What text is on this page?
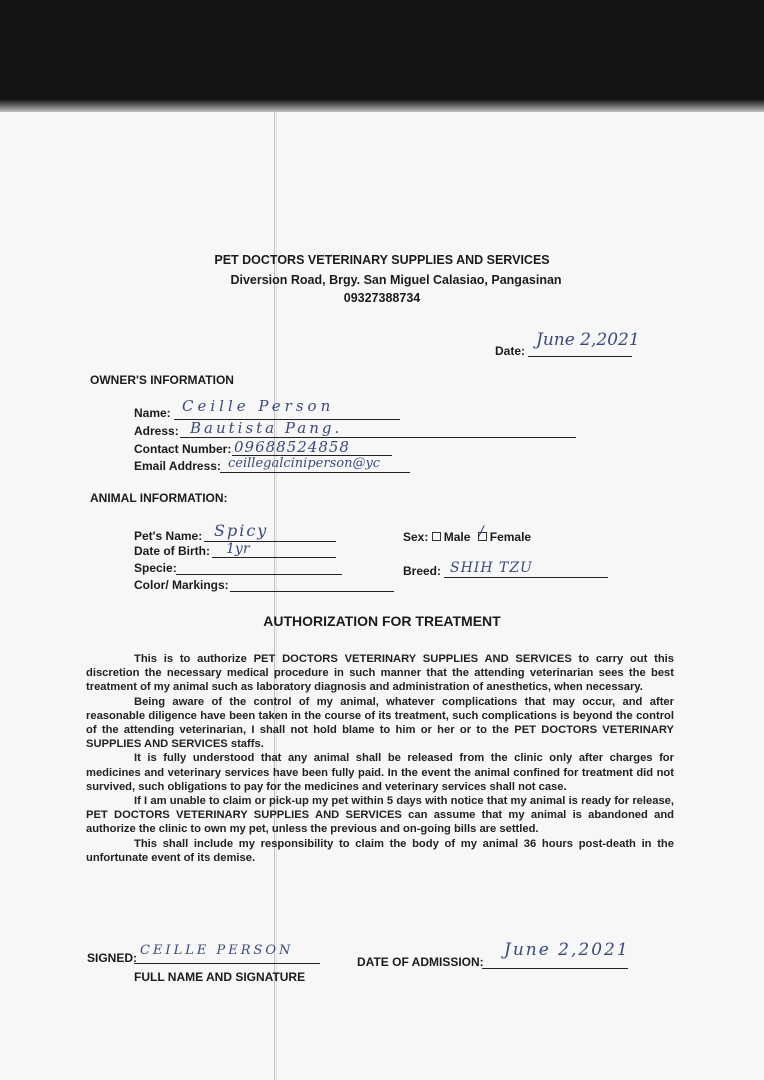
PET DOCTORS VETERINARY SUPPLIES AND SERVICES
Diversion Road, Brgy. San Miguel Calasiao, Pangasinan
09327388734
Date:
June 2,2021
OWNER'S INFORMATION
Name: Ceille Person
Adress: Bautista Pang.
Contact Number: 09688524858
Email Address: ceillegalciniperson@yc
ANIMAL INFORMATION:
Pet's Name: Spicy
Date of Birth: 1yr
Specie:
Color/ Markings:
Sex: Male Female
/
Breed: SHIH TZU
AUTHORIZATION FOR TREATMENT

This is to authorize PET DOCTORS VETERINARY SUPPLIES AND SERVICES to carry out this discretion the necessary medical procedure in such manner that the attending veterinarian sees the best treatment of my animal such as laboratory diagnosis and administration of anesthetics, when necessary.

Being aware of the control of my animal, whatever complications that may occur, and after reasonable diligence have been taken in the course of its treatment, such complications is beyond the control of the attending veterinarian, I shall not hold blame to him or her or to the PET DOCTORS VETERINARY SUPPLIES AND SERVICES staffs.

It is fully understood that any animal shall be released from the clinic only after charges for medicines and veterinary services have been fully paid. In the event the animal confined for treatment did not survived, such obligations to pay for the medicines and veterinary services shall not case.

If I am unable to claim or pick-up my pet within 5 days with notice that my animal is ready for release, PET DOCTORS VETERINARY SUPPLIES AND SERVICES can assume that my animal is abandoned and authorize the clinic to own my pet, unless the previous and on-going bills are settled.

This shall include my responsibility to claim the body of my animal 36 hours post-death in the unfortunate event of its demise.

SIGNED: CEILLE PERSON
FULL NAME AND SIGNATURE
DATE OF ADMISSION:
June 2,2021
